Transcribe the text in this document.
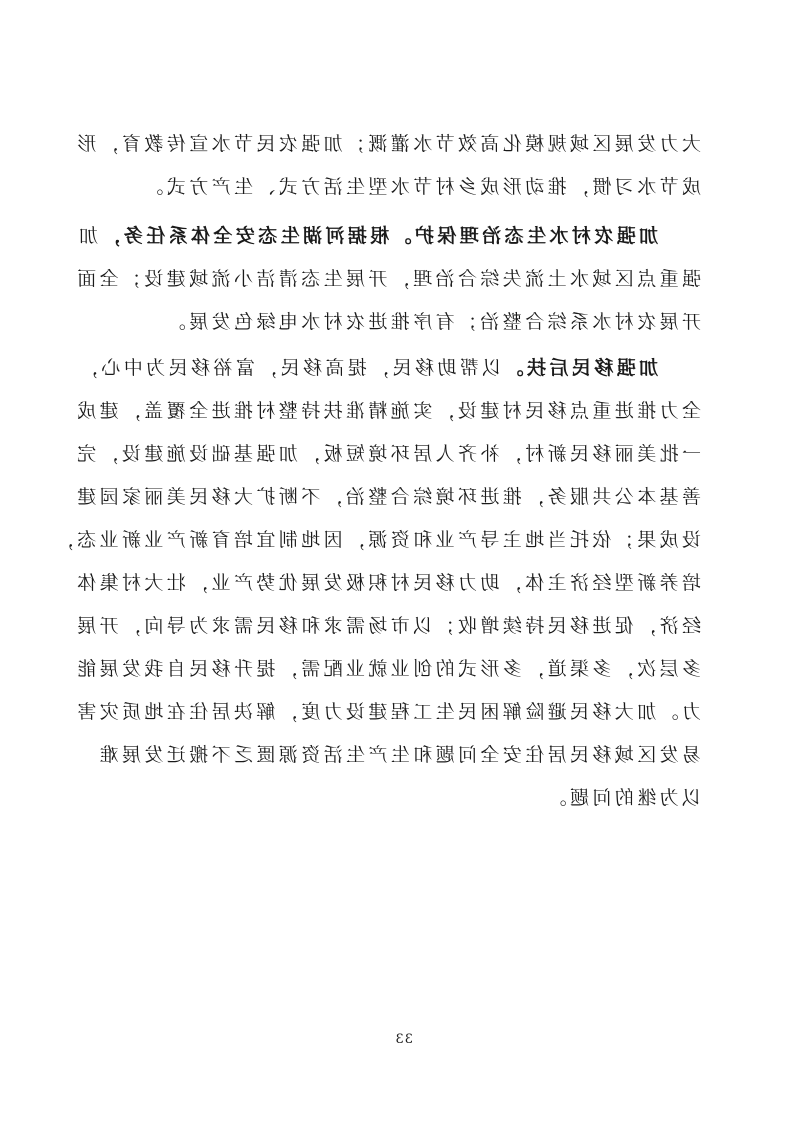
大力发展区域规模化高效节水灌溉；加强农民节水宣传教育，形
成节水习惯，推动形成乡村节水型生活方式、生产方式。
加强农村水生态治理保护。根据河湖生态安全体系任务，加
强重点区域水土流失综合治理，开展生态清洁小流域建设；全面
开展农村水系综合整治；有序推进农村水电绿色发展。
加强移民后扶。以帮助移民，提高移民，富裕移民为中心，
全力推进重点移民村建设，实施精准扶持整村推进全覆盖，建成
一批美丽移民新村，补齐人居环境短板，加强基础设施建设，完
善基本公共服务，推进环境综合整治，不断扩大移民美丽家园建
设成果；依托当地主导产业和资源，因地制宜培育新产业新业态，
培养新型经济主体，助力移民村积极发展优势产业，壮大村集体
经济，促进移民持续增收；以市场需求和移民需求为导向，开展
多层次，多渠道，多形式的创业就业配需，提升移民自我发展能
力。加大移民避险解困民生工程建设力度，解决居住在地质灾害
易发区域移民居住安全问题和生产生活资源匮乏不搬迁发展难
以为继的问题。
33
